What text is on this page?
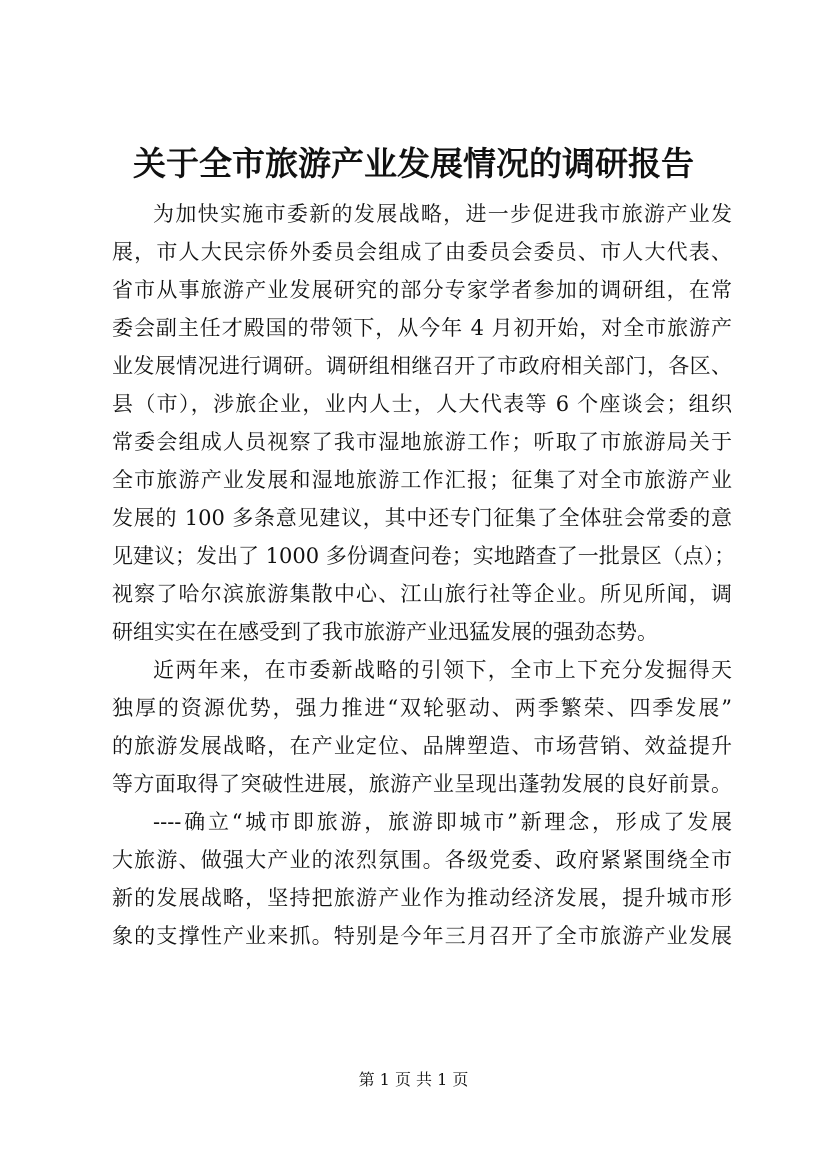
关于全市旅游产业发展情况的调研报告
为加快实施市委新的发展战略，进一步促进我市旅游产业发
展，市人大民宗侨外委员会组成了由委员会委员、市人大代表、
省市从事旅游产业发展研究的部分专家学者参加的调研组，在常
委会副主任才殿国的带领下，从今年 4 月初开始，对全市旅游产
业发展情况进行调研。调研组相继召开了市政府相关部门，各区、
县（市），涉旅企业，业内人士，人大代表等 6 个座谈会；组织
常委会组成人员视察了我市湿地旅游工作；听取了市旅游局关于
全市旅游产业发展和湿地旅游工作汇报；征集了对全市旅游产业
发展的 100 多条意见建议，其中还专门征集了全体驻会常委的意
见建议；发出了 1000 多份调查问卷；实地踏查了一批景区（点）；
视察了哈尔滨旅游集散中心、江山旅行社等企业。所见所闻，调
研组实实在在感受到了我市旅游产业迅猛发展的强劲态势。
近两年来，在市委新战略的引领下，全市上下充分发掘得天
独厚的资源优势，强力推进“双轮驱动、两季繁荣、四季发展”
的旅游发展战略，在产业定位、品牌塑造、市场营销、效益提升
等方面取得了突破性进展，旅游产业呈现出蓬勃发展的良好前景。
----确立“城市即旅游，旅游即城市”新理念，形成了发展
大旅游、做强大产业的浓烈氛围。各级党委、政府紧紧围绕全市
新的发展战略，坚持把旅游产业作为推动经济发展，提升城市形
象的支撑性产业来抓。特别是今年三月召开了全市旅游产业发展
第 1 页 共 1 页
